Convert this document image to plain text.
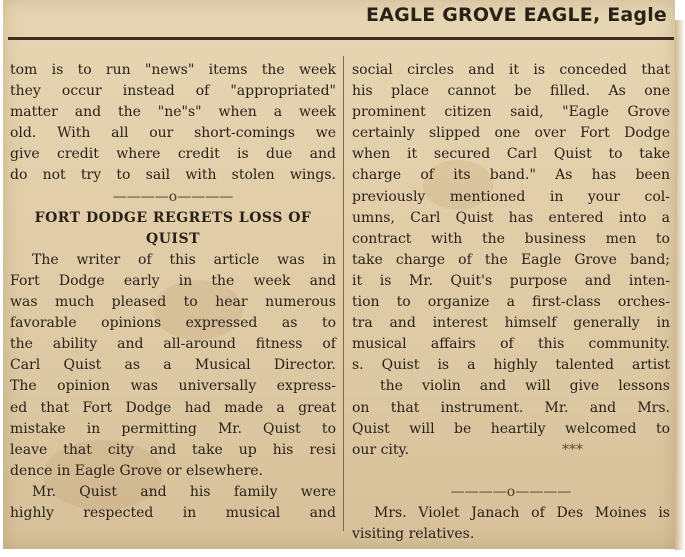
EAGLE GROVE EAGLE, Eagle
tom is to run "news" items the week
they occur instead of "appropriated"
matter and the "ne"s" when a week
old. With all our short-comings we
give credit where credit is due and
do not try to sail with stolen wings.
————o————
FORT DODGE REGRETS LOSS OF
QUIST
The writer of this article was in
Fort Dodge early in the week and
was much pleased to hear numerous
favorable opinions expressed as to
the ability and all-around fitness of
Carl Quist as a Musical Director.
The opinion was universally express-
ed that Fort Dodge had made a great
mistake in permitting Mr. Quist to
leave that city and take up his resi
dence in Eagle Grove or elsewhere.
Mr. Quist and his family were
highly respected in musical and
social circles and it is conceded that
his place cannot be filled. As one
prominent citizen said, "Eagle Grove
certainly slipped one over Fort Dodge
when it secured Carl Quist to take
charge of its band." As has been
previously mentioned in your col-
umns, Carl Quist has entered into a
contract with the business men to
take charge of the Eagle Grove band;
it is Mr. Quit's purpose and inten-
tion to organize a first-class orches-
tra and interest himself generally in
musical affairs of this community.
s. Quist is a highly talented artist
the violin and will give lessons
on that instrument. Mr. and Mrs.
Quist will be heartily welcomed to
our city.	***
————o————
Mrs. Violet Janach of Des Moines is
visiting relatives.
